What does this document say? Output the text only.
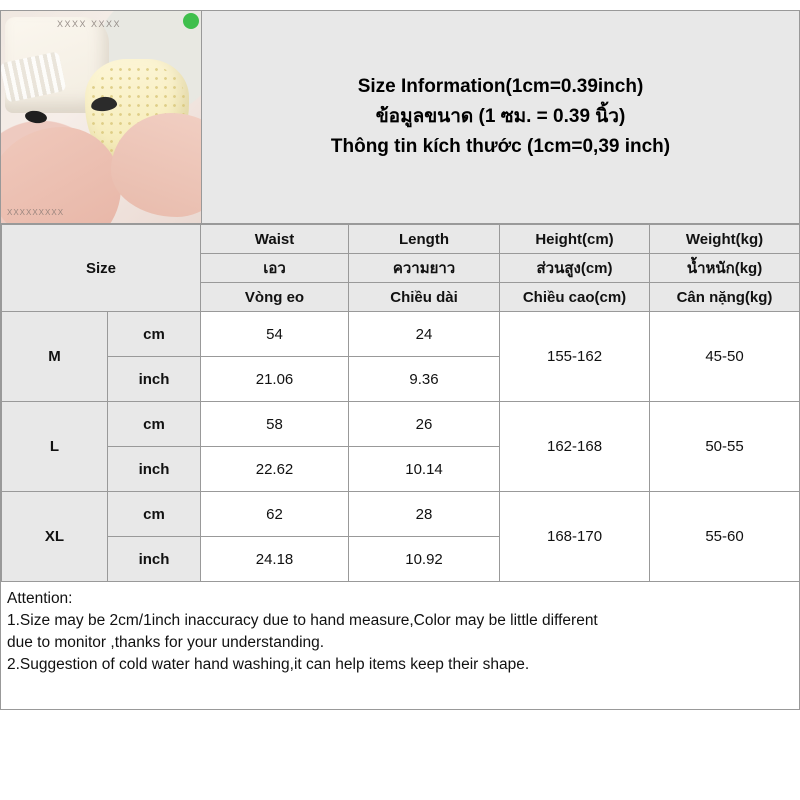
XXXX XXXX
XXXXXXXXX
Size Information(1cm=0.39inch)
ข้อมูลขนาด (1 ซม. = 0.39 นิ้ว)
Thông tin kích thước (1cm=0,39 inch)
Size		Waist	Length	Height(cm)	Weight(kg)
		เอว	ความยาว	ส่วนสูง(cm)	น้ำหนัก(kg)
		Vòng eo	Chiều dài	Chiều cao(cm)	Cân nặng(kg)
M	cm	54	24	155-162	45-50
	inch	21.06	9.36		
L	cm	58	26	162-168	50-55
	inch	22.62	10.14		
XL	cm	62	28	168-170	55-60
	inch	24.18	10.92		

Attention:

1.Size may be 2cm/1inch inaccuracy due to hand measure,Color may be little different

due to monitor ,thanks for your understanding.

2.Suggestion of cold water hand washing,it can help items keep their shape.
